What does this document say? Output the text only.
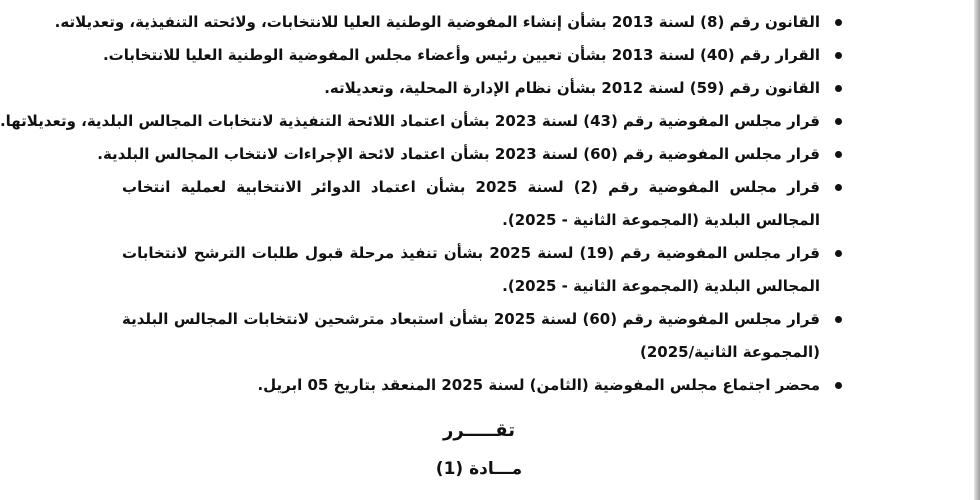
القانون رقم (8) لسنة 2013 بشأن إنشاء المفوضية الوطنية العليا للانتخابات، ولائحته التنفيذية، وتعديلاته.
القرار رقم (40) لسنة 2013 بشأن تعيين رئيس وأعضاء مجلس المفوضية الوطنية العليا للانتخابات.
القانون رقم (59) لسنة 2012 بشأن نظام الإدارة المحلية، وتعديلاته.
قرار مجلس المفوضية رقم (43) لسنة 2023 بشأن اعتماد اللائحة التنفيذية لانتخابات المجالس البلدية، وتعديلاتها.
قرار مجلس المفوضية رقم (60) لسنة 2023 بشأن اعتماد لائحة الإجراءات لانتخاب المجالس البلدية.
قرار مجلس المفوضية رقم (2) لسنة 2025 بشأن اعتماد الدوائر الانتخابية لعملية انتخاب المجالس البلدية (المجموعة الثانية - 2025).
قرار مجلس المفوضية رقم (19) لسنة 2025 بشأن تنفيذ مرحلة قبول طلبات الترشح لانتخابات المجالس البلدية (المجموعة الثانية - 2025).
قرار مجلس المفوضية رقم (60) لسنة 2025 بشأن استبعاد مترشحين لانتخابات المجالس البلدية (المجموعة الثانية/2025)
محضر اجتماع مجلس المفوضية (الثامن) لسنة 2025 المنعقد بتاريخ 05 ابريل.
تقـــــرر
مـــادة (1)
